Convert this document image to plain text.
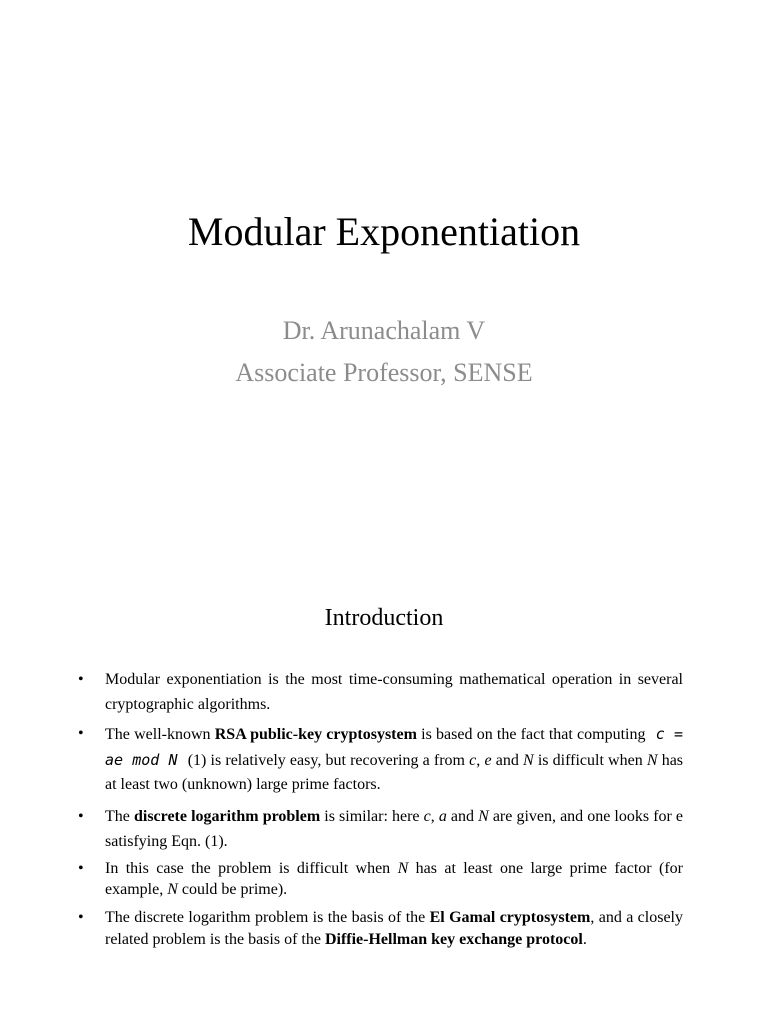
Modular Exponentiation
Dr. Arunachalam V
Associate Professor, SENSE
Introduction
• Modular exponentiation is the most time-consuming mathematical operation in several cryptographic algorithms.
• The well-known RSA public-key cryptosystem is based on the fact that computing c = ae mod N (1) is relatively easy, but recovering a from c, e and N is difficult when N has at least two (unknown) large prime factors.
• The discrete logarithm problem is similar: here c, a and N are given, and one looks for e satisfying Eqn. (1).
• In this case the problem is difficult when N has at least one large prime factor (for example, N could be prime).
• The discrete logarithm problem is the basis of the El Gamal cryptosystem, and a closely related problem is the basis of the Diffie-Hellman key exchange protocol.
